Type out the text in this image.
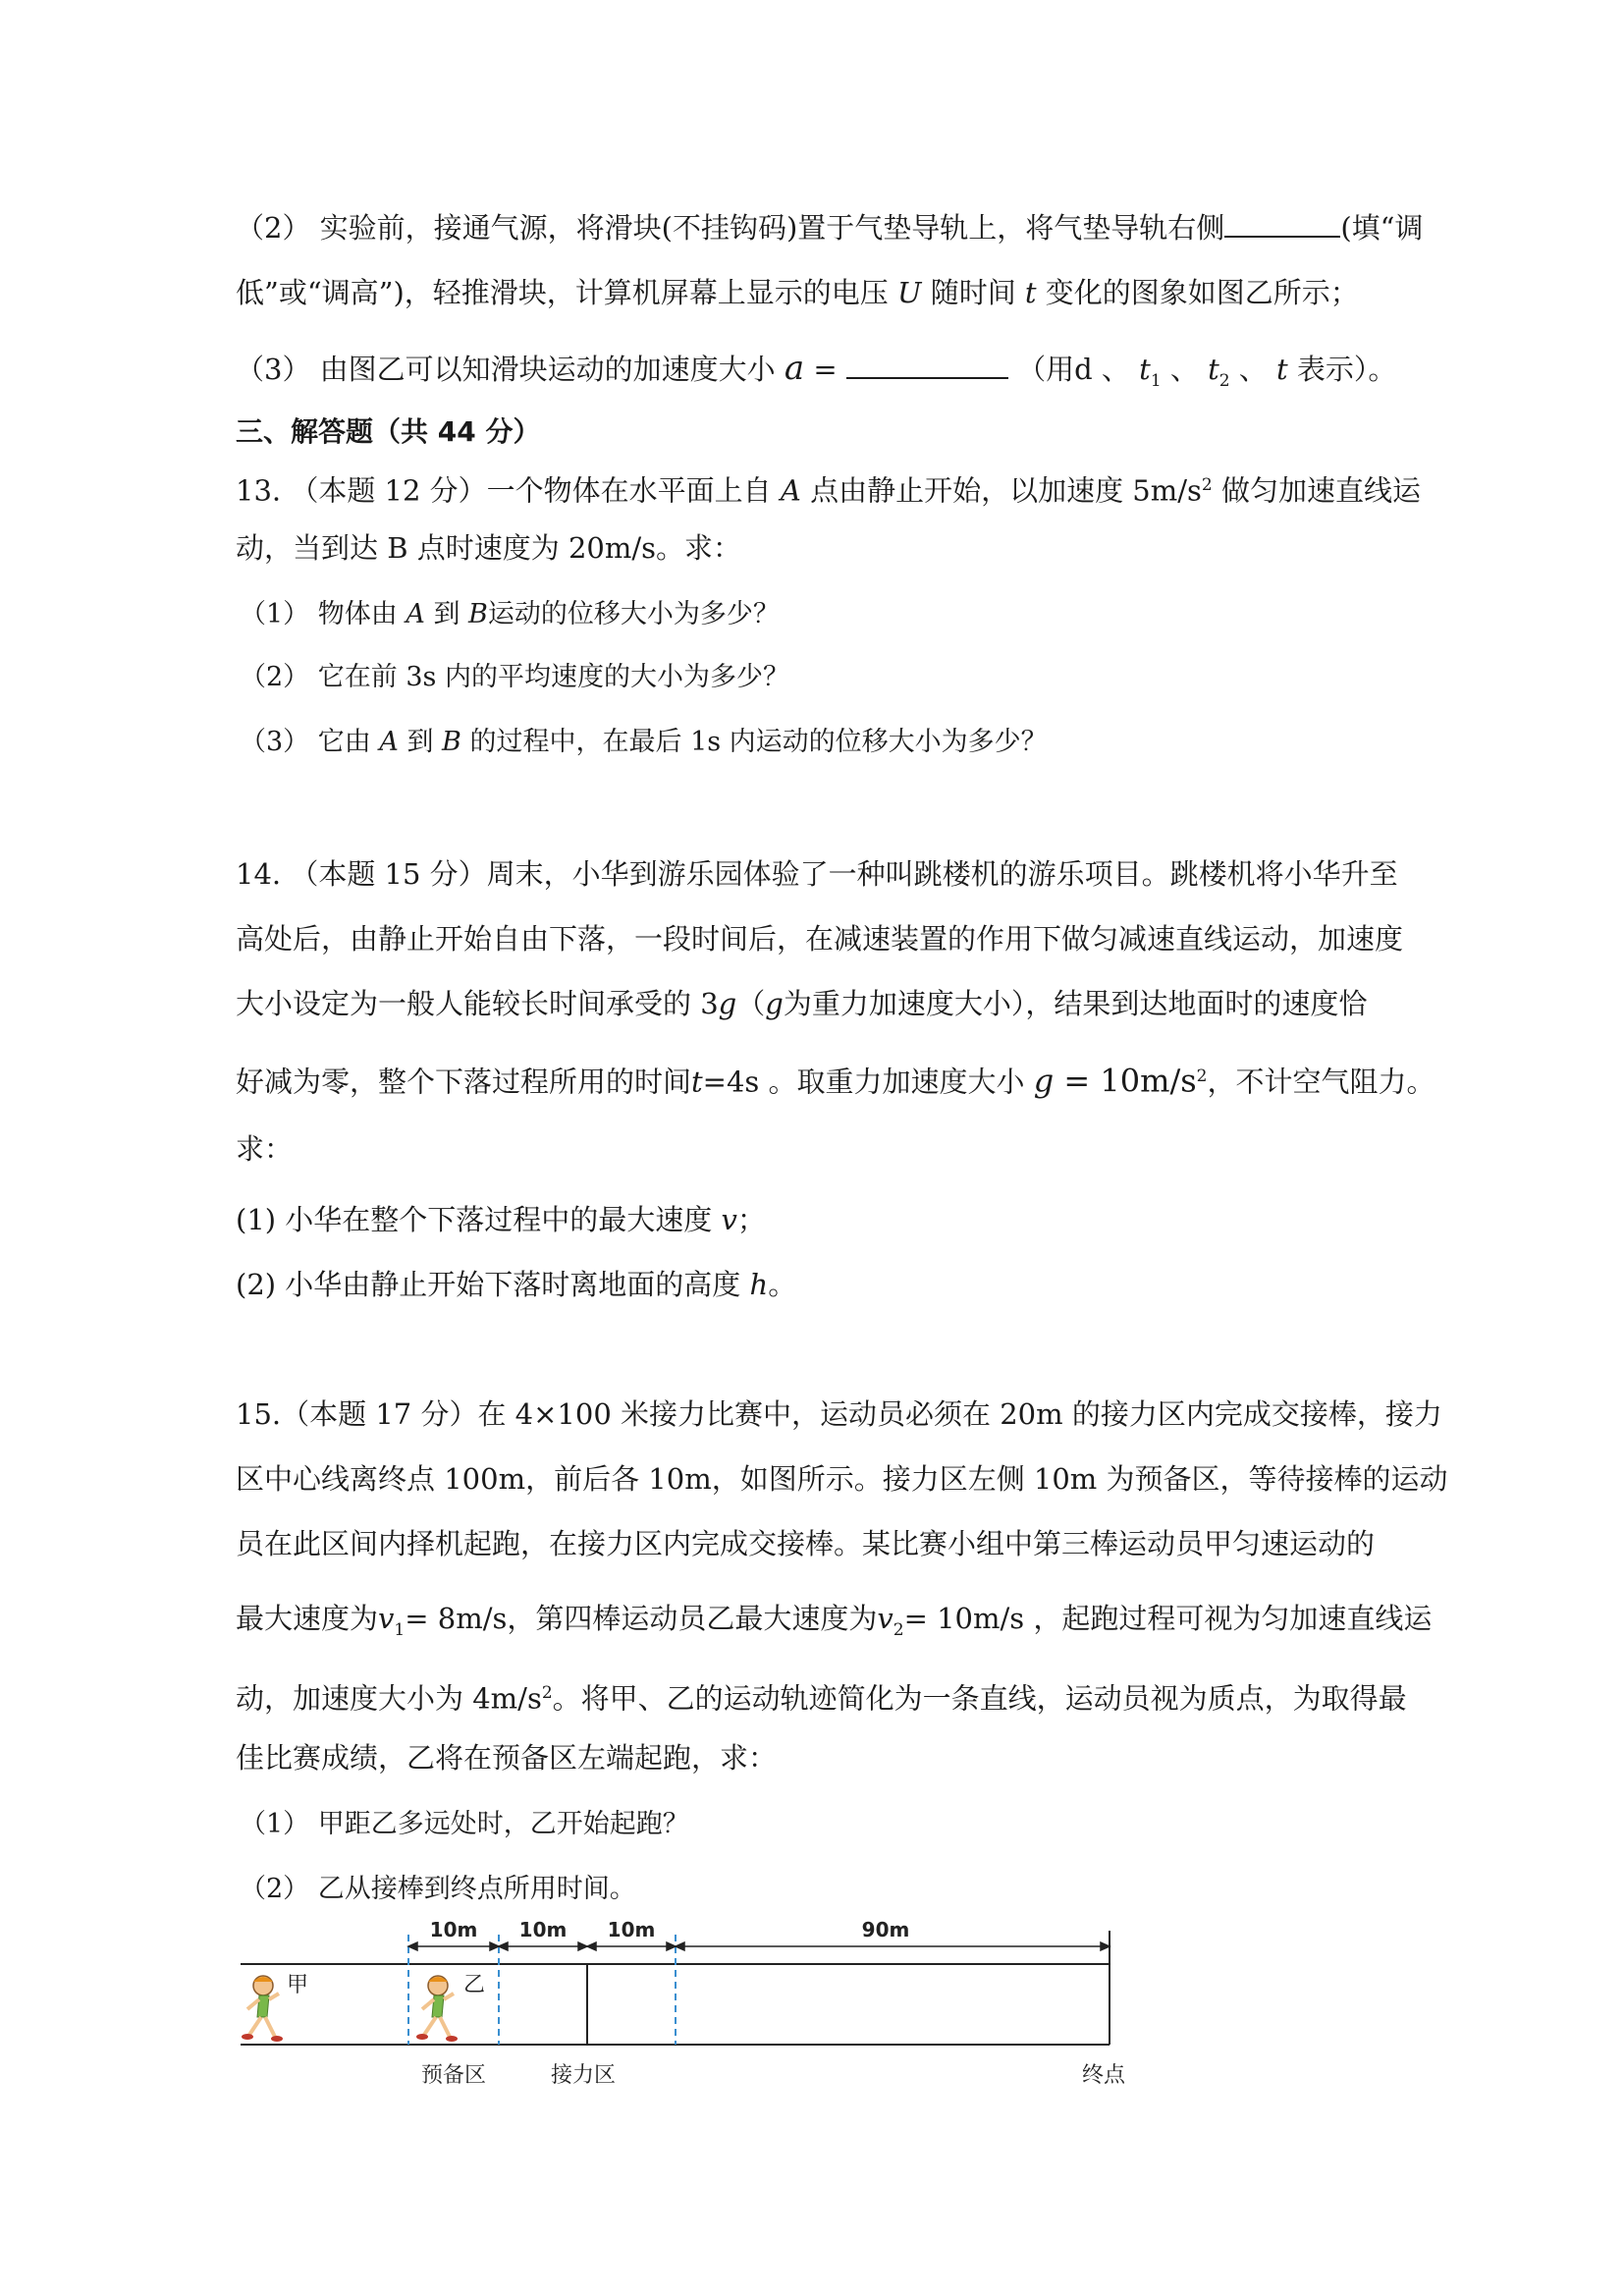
（2） 实验前，接通气源，将滑块(不挂钩码)置于气垫导轨上，将气垫导轨右侧	(填“调
低”或“调高”)，轻推滑块，计算机屏幕上显示的电压 U 随时间 t 变化的图象如图乙所示；
（3） 由图乙可以知滑块运动的加速度大小 a =	（用d 、 $t_1$ 、 $t_2$ 、 t 表示）。
三、解答题（共 44 分）
13. （本题 12 分）一个物体在水平面上自 A 点由静止开始，以加速度 $5m/s^2$ 做匀加速直线运
动，当到达 B 点时速度为 20m/s。求：
（1） 物体由 A 到 B运动的位移大小为多少？
（2） 它在前 3s 内的平均速度的大小为多少？
（3） 它由 A 到 B 的过程中，在最后 1s 内运动的位移大小为多少？
14. （本题 15 分）周末，小华到游乐园体验了一种叫跳楼机的游乐项目。跳楼机将小华升至
高处后，由静止开始自由下落，一段时间后，在减速装置的作用下做匀减速直线运动，加速度
大小设定为一般人能较长时间承受的 3g（g为重力加速度大小），结果到达地面时的速度恰
好减为零，整个下落过程所用的时间t=4s 。取重力加速度大小 $g = 10m/s^2$，不计空气阻力。
求：
(1) 小华在整个下落过程中的最大速度 v；
(2) 小华由静止开始下落时离地面的高度 h。
15.（本题 17 分）在 4×100 米接力比赛中，运动员必须在 20m 的接力区内完成交接棒，接力
区中心线离终点 100m，前后各 10m，如图所示。接力区左侧 10m 为预备区，等待接棒的运动
员在此区间内择机起跑，在接力区内完成交接棒。某比赛小组中第三棒运动员甲匀速运动的
最大速度为$v_1= 8m/s$，第四棒运动员乙最大速度为$v_2= 10m/s$ ，起跑过程可视为匀加速直线运
动，加速度大小为 $4m/s^2$。将甲、乙的运动轨迹简化为一条直线，运动员视为质点，为取得最
佳比赛成绩，乙将在预备区左端起跑，求：
（1） 甲距乙多远处时，乙开始起跑？
（2） 乙从接棒到终点所用时间。
10m 10m 10m	90m
甲	乙
预备区	接力区	终点
